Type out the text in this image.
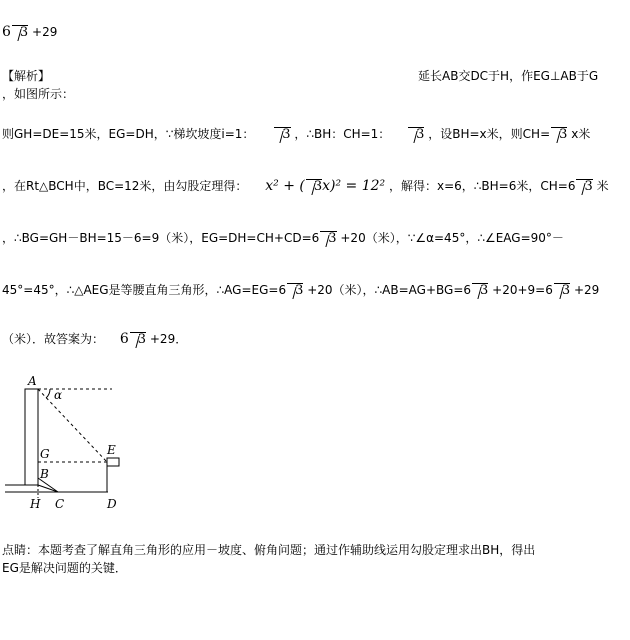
6 3 +29
【解析】	延长AB交DC于H，作EG⊥AB于G
，如图所示：
则GH=DE=15米，EG=DH，∵梯坎坡度i=1： 3 ，∴BH：CH=1： 3 ，设BH=x米，则CH= 3 x米
，在Rt△BCH中，BC=12米，由勾股定理得： x² + ( 3x)² = 12² ，解得：x=6，∴BH=6米，CH=6 3 米
，∴BG=GH－BH=15－6=9（米），EG=DH=CH+CD=6 3 +20（米），∵∠α=45°，∴∠EAG=90°－
45°=45°，∴△AEG是等腰直角三角形，∴AG=EG=6 3 +20（米），∴AB=AG+BG=6 3 +20+9=6 3 +29
（米）．故答案为： 6 3 +29．
A
α
G	E
B
H C	D
点睛：本题考查了解直角三角形的应用－坡度、俯角问题；通过作辅助线运用勾股定理求出BH，得出
EG是解决问题的关键．
